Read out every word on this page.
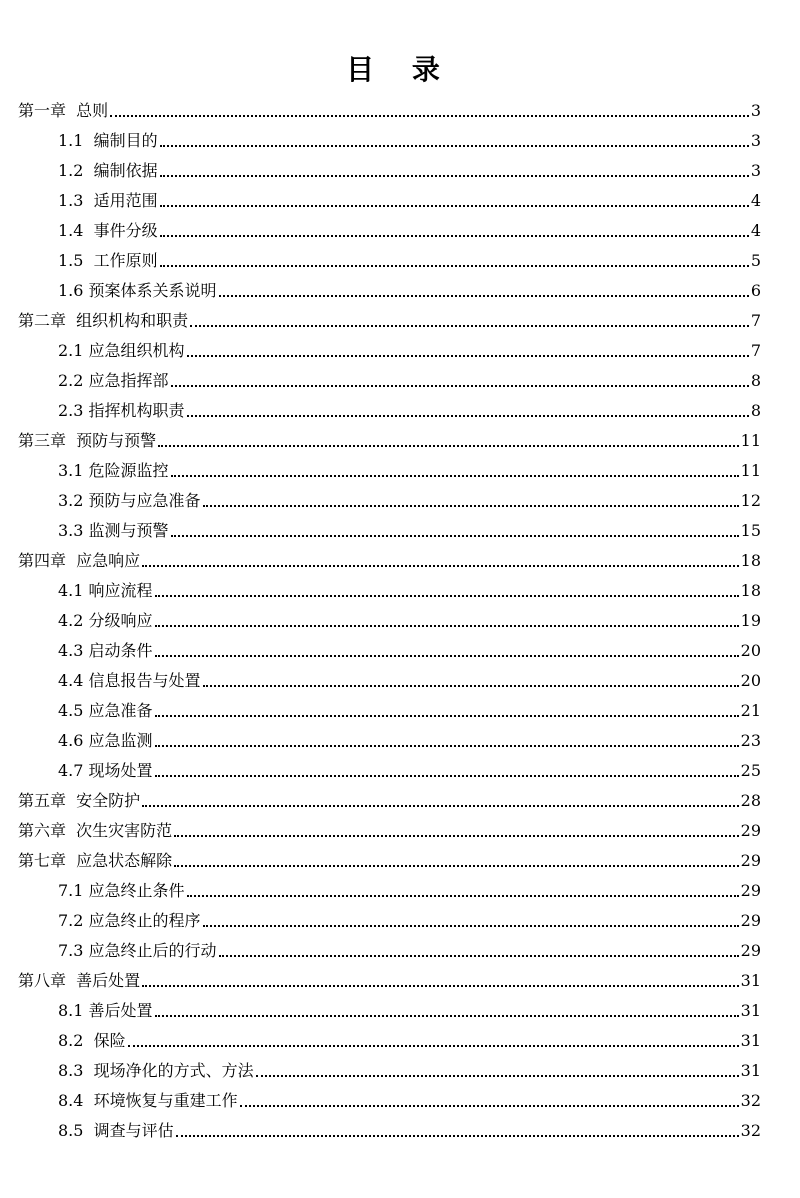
目 录
第一章  总则	3
1.1  编制目的	3
1.2  编制依据	3
1.3  适用范围	4
1.4  事件分级	4
1.5  工作原则	5
1.6 预案体系关系说明	6
第二章  组织机构和职责	7
2.1 应急组织机构	7
2.2 应急指挥部	8
2.3 指挥机构职责	8
第三章  预防与预警	11
3.1 危险源监控	11
3.2 预防与应急准备	12
3.3 监测与预警	15
第四章  应急响应	18
4.1 响应流程	18
4.2 分级响应	19
4.3 启动条件	20
4.4 信息报告与处置	20
4.5 应急准备	21
4.6 应急监测	23
4.7 现场处置	25
第五章  安全防护	28
第六章  次生灾害防范	29
第七章  应急状态解除	29
7.1 应急终止条件	29
7.2 应急终止的程序	29
7.3 应急终止后的行动	29
第八章  善后处置	31
8.1 善后处置	31
8.2  保险	31
8.3  现场净化的方式、方法	31
8.4  环境恢复与重建工作	32
8.5  调查与评估	32
